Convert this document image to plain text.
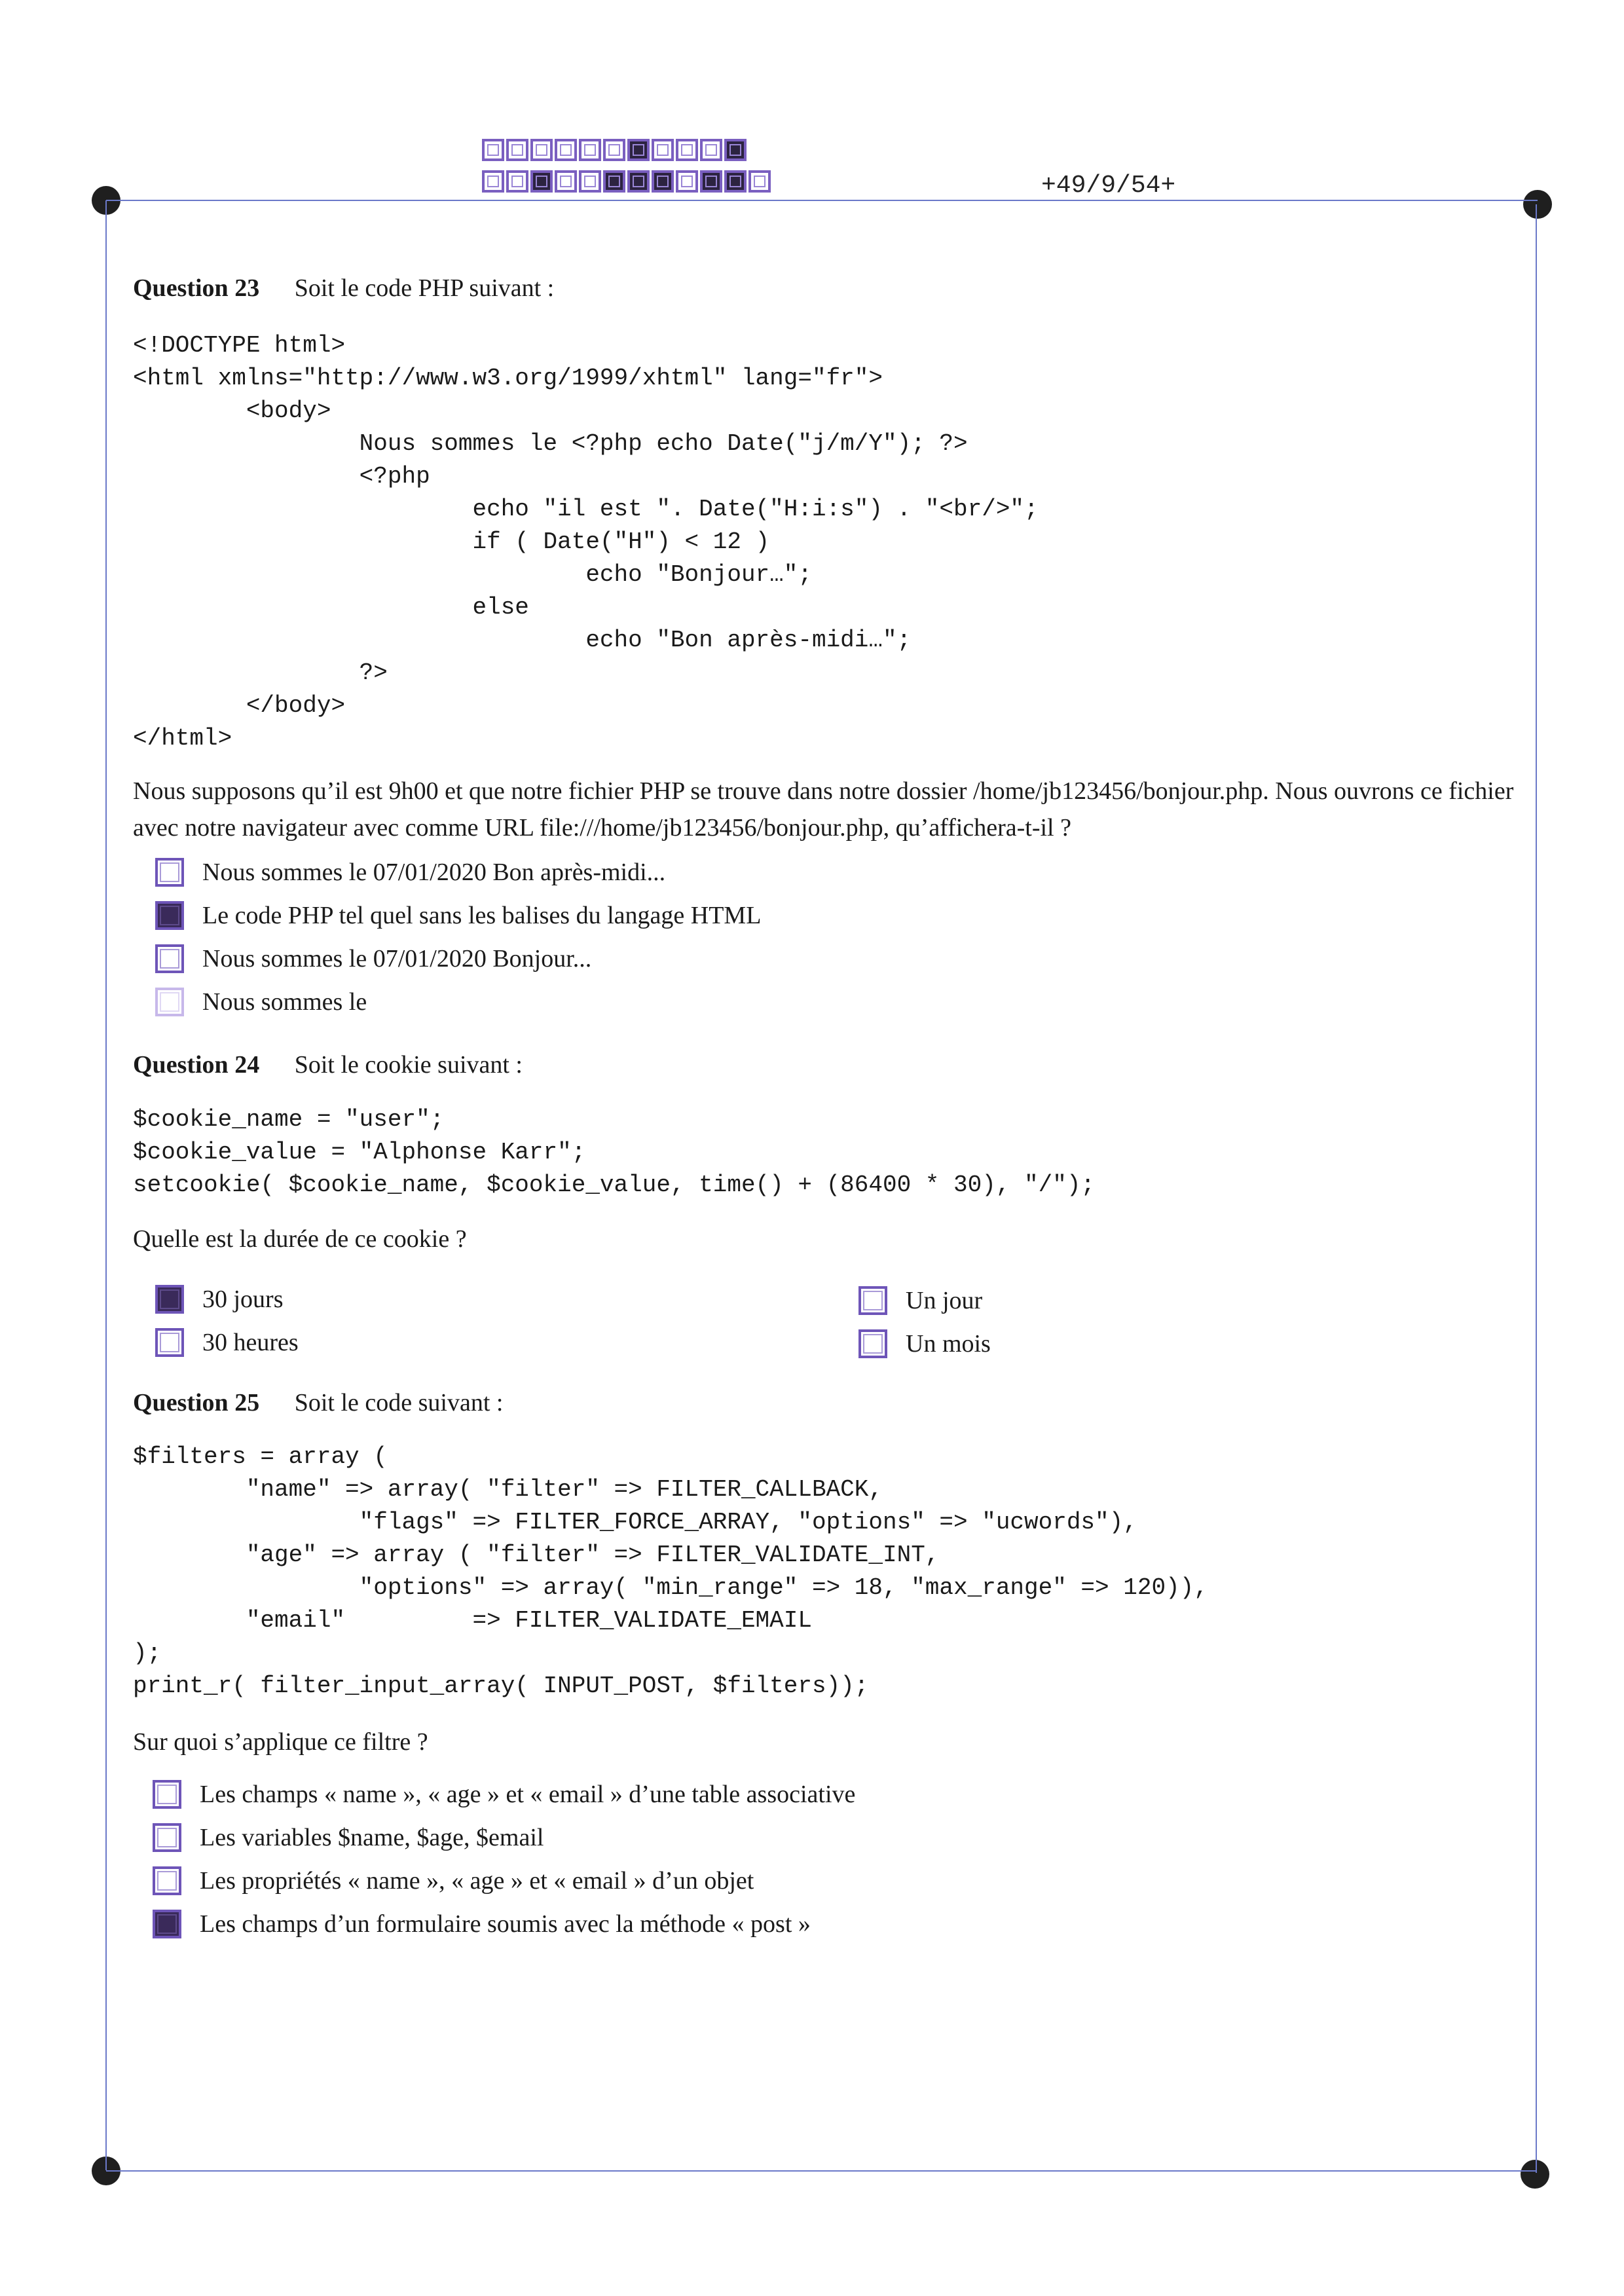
+49/9/54+
Question 23 Soit le code PHP suivant :
<!DOCTYPE html>
<html xmlns="http://www.w3.org/1999/xhtml" lang="fr">
<body>
Nous sommes le <?php echo Date("j/m/Y"); ?>
<?php
echo "il est ". Date("H:i:s") . "<br/>";
if ( Date("H") < 12 )
echo "Bonjour…";
else
echo "Bon après-midi…";
?>
</body>
</html>
Nous supposons qu’il est 9h00 et que notre fichier PHP se trouve dans notre dossier /home/jb123456/bonjour.php. Nous ouvrons ce fichier avec notre navigateur avec comme URL file:///home/jb123456/bonjour.php, qu’affichera-t-il ?
Nous sommes le 07/01/2020 Bon après-midi...
Le code PHP tel quel sans les balises du langage HTML
Nous sommes le 07/01/2020 Bonjour...
Nous sommes le
Question 24 Soit le cookie suivant :
$cookie_name = "user";
$cookie_value = "Alphonse Karr";
setcookie( $cookie_name, $cookie_value, time() + (86400 * 30), "/");
Quelle est la durée de ce cookie ?
30 jours
30 heures
Un jour
Un mois
Question 25 Soit le code suivant :
$filters = array (
"name" => array( "filter" => FILTER_CALLBACK,
"flags" => FILTER_FORCE_ARRAY, "options" => "ucwords"),
"age" => array ( "filter" => FILTER_VALIDATE_INT,
"options" => array( "min_range" => 18, "max_range" => 120)),
"email"         => FILTER_VALIDATE_EMAIL
);
print_r( filter_input_array( INPUT_POST, $filters));
Sur quoi s’applique ce filtre ?
Les champs « name », « age » et « email » d’une table associative
Les variables $name, $age, $email
Les propriétés « name », « age » et « email » d’un objet
Les champs d’un formulaire soumis avec la méthode « post »
